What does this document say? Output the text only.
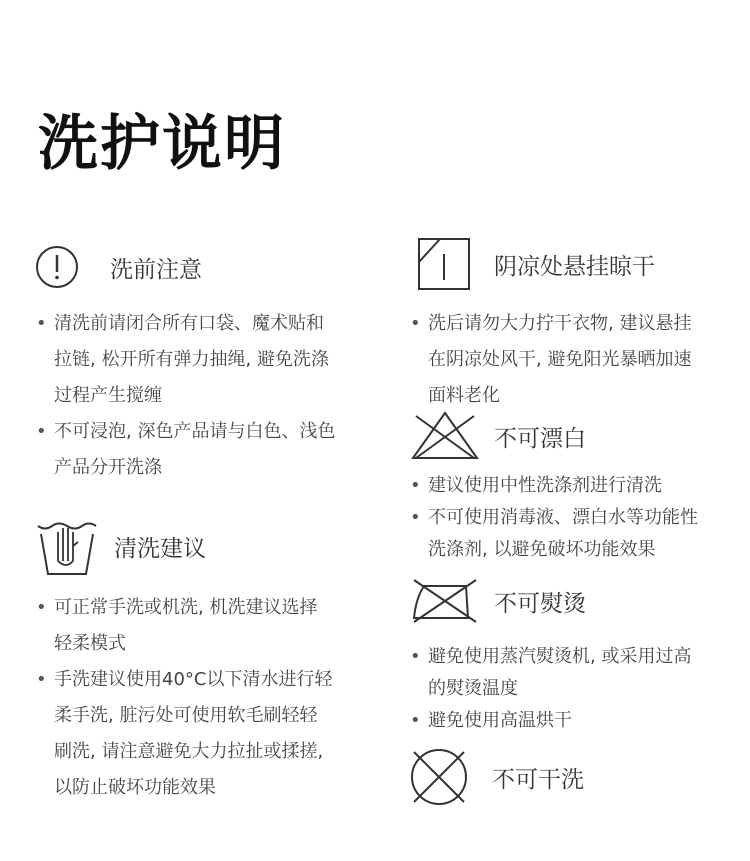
洗护说明
洗前注意
• 清洗前请闭合所有口袋、魔术贴和
拉链, 松开所有弹力抽绳, 避免洗涤
过程产生搅缠
• 不可浸泡, 深色产品请与白色、浅色
产品分开洗涤
清洗建议
• 可正常手洗或机洗, 机洗建议选择
轻柔模式
• 手洗建议使用40°C以下清水进行轻
柔手洗, 脏污处可使用软毛刷轻轻
刷洗, 请注意避免大力拉扯或揉搓,
以防止破坏功能效果
阴凉处悬挂晾干
• 洗后请勿大力拧干衣物, 建议悬挂
在阴凉处风干, 避免阳光暴晒加速
面料老化
不可漂白
• 建议使用中性洗涤剂进行清洗
• 不可使用消毒液、漂白水等功能性
洗涤剂, 以避免破坏功能效果
不可熨烫
• 避免使用蒸汽熨烫机, 或采用过高
的熨烫温度
• 避免使用高温烘干
不可干洗
